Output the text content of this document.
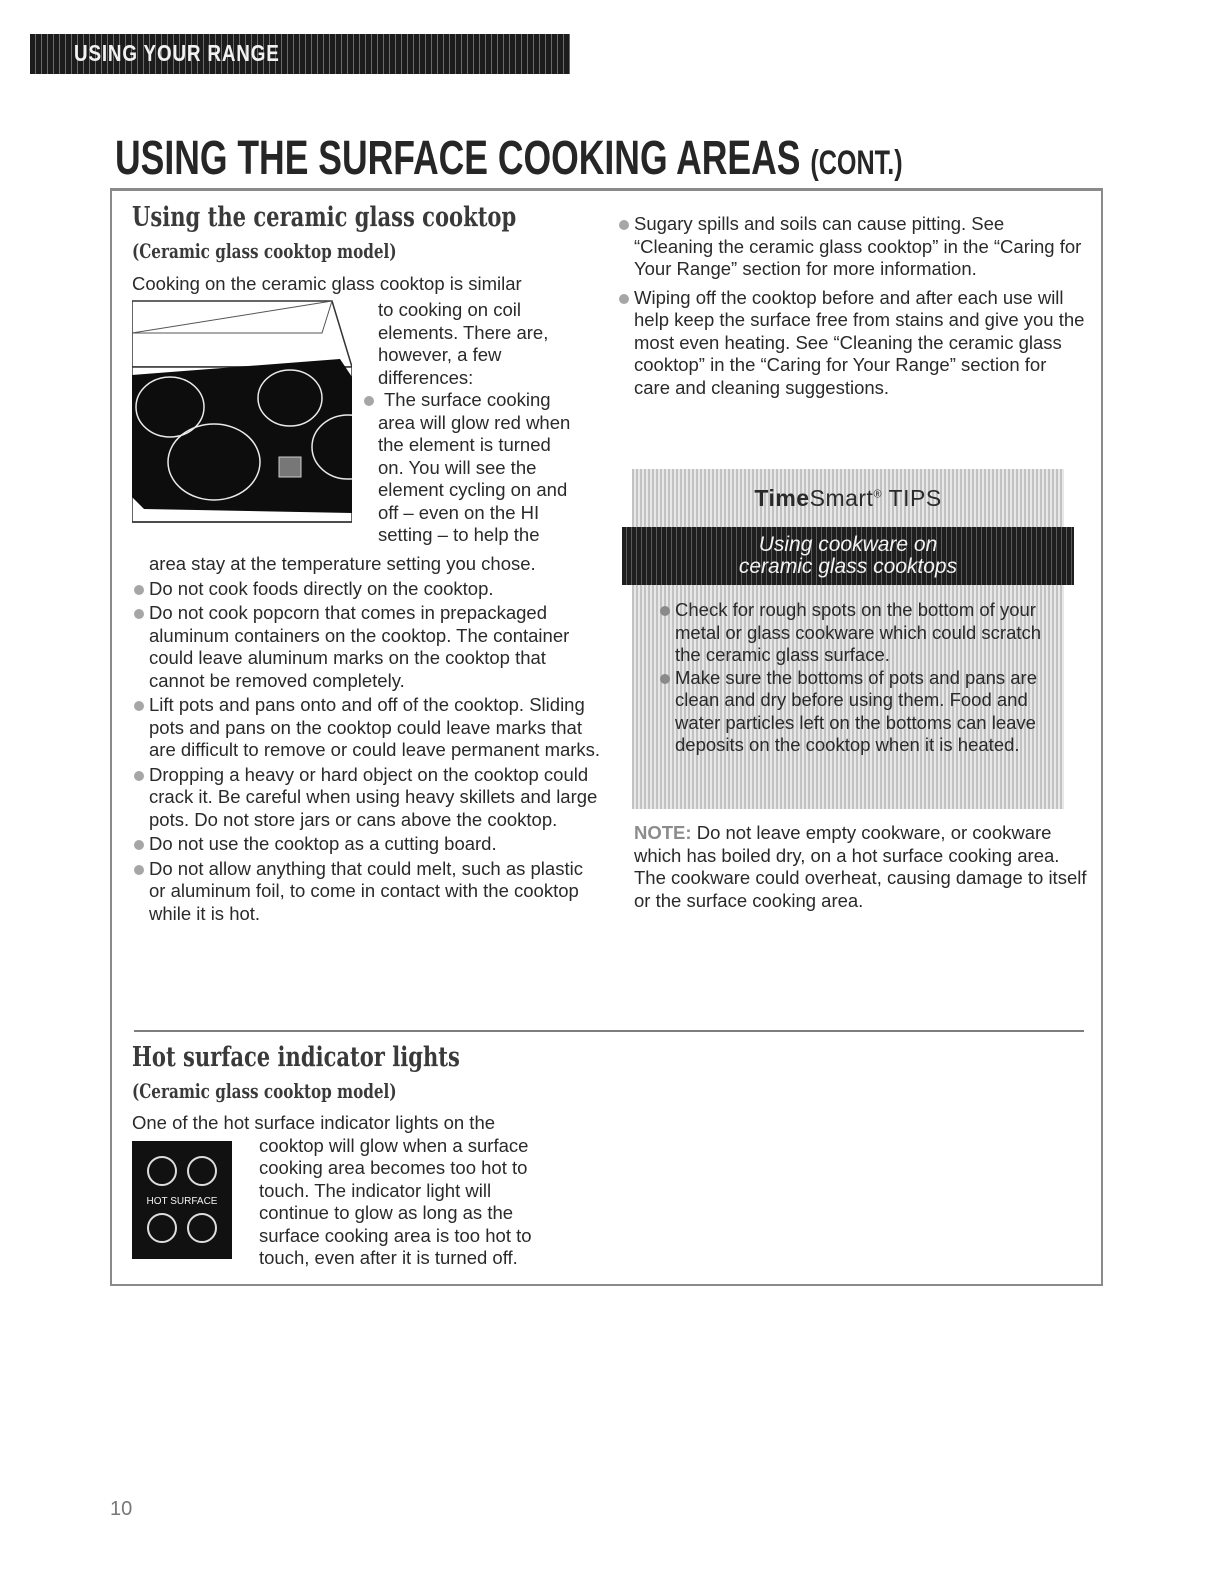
USING YOUR RANGE
USING THE SURFACE COOKING AREAS (CONT.)
Using the ceramic glass cooktop
(Ceramic glass cooktop model)

Cooking on the ceramic glass cooktop is similar

to cooking on coil

elements. There are,

however, a few

differences:

The surface cooking

area will glow red when

the element is turned

on. You will see the

element cycling on and

off – even on the HI

setting – to help the

area stay at the temperature setting you chose.

Do not cook foods directly on the cooktop.
Do not cook popcorn that comes in prepackaged aluminum containers on the cooktop. The container could leave aluminum marks on the cooktop that cannot be removed completely.
Lift pots and pans onto and off of the cooktop. Sliding pots and pans on the cooktop could leave marks that are difficult to remove or could leave permanent marks.
Dropping a heavy or hard object on the cooktop could crack it. Be careful when using heavy skillets and large pots. Do not store jars or cans above the cooktop.
Do not use the cooktop as a cutting board.
Do not allow anything that could melt, such as plastic or aluminum foil, to come in contact with the cooktop while it is hot.
Sugary spills and soils can cause pitting. See “Cleaning the ceramic glass cooktop” in the “Caring for Your Range” section for more information.
Wiping off the cooktop before and after each use will help keep the surface free from stains and give you the most even heating. See “Cleaning the ceramic glass cooktop” in the “Caring for Your Range” section for care and cleaning suggestions.
TimeSmart® TIPS
Using cookware on
ceramic glass cooktops
Check for rough spots on the bottom of your metal or glass cookware which could scratch the ceramic glass surface.
Make sure the bottoms of pots and pans are clean and dry before using them. Food and water particles left on the bottoms can leave deposits on the cooktop when it is heated.

NOTE: Do not leave empty cookware, or cookware which has boiled dry, on a hot surface cooking area. The cookware could overheat, causing damage to itself or the surface cooking area.

Hot surface indicator lights
(Ceramic glass cooktop model)

One of the hot surface indicator lights on the

cooktop will glow when a surface

cooking area becomes too hot to

touch. The indicator light will

continue to glow as long as the

surface cooking area is too hot to

touch, even after it is turned off.

HOT SURFACE
10
